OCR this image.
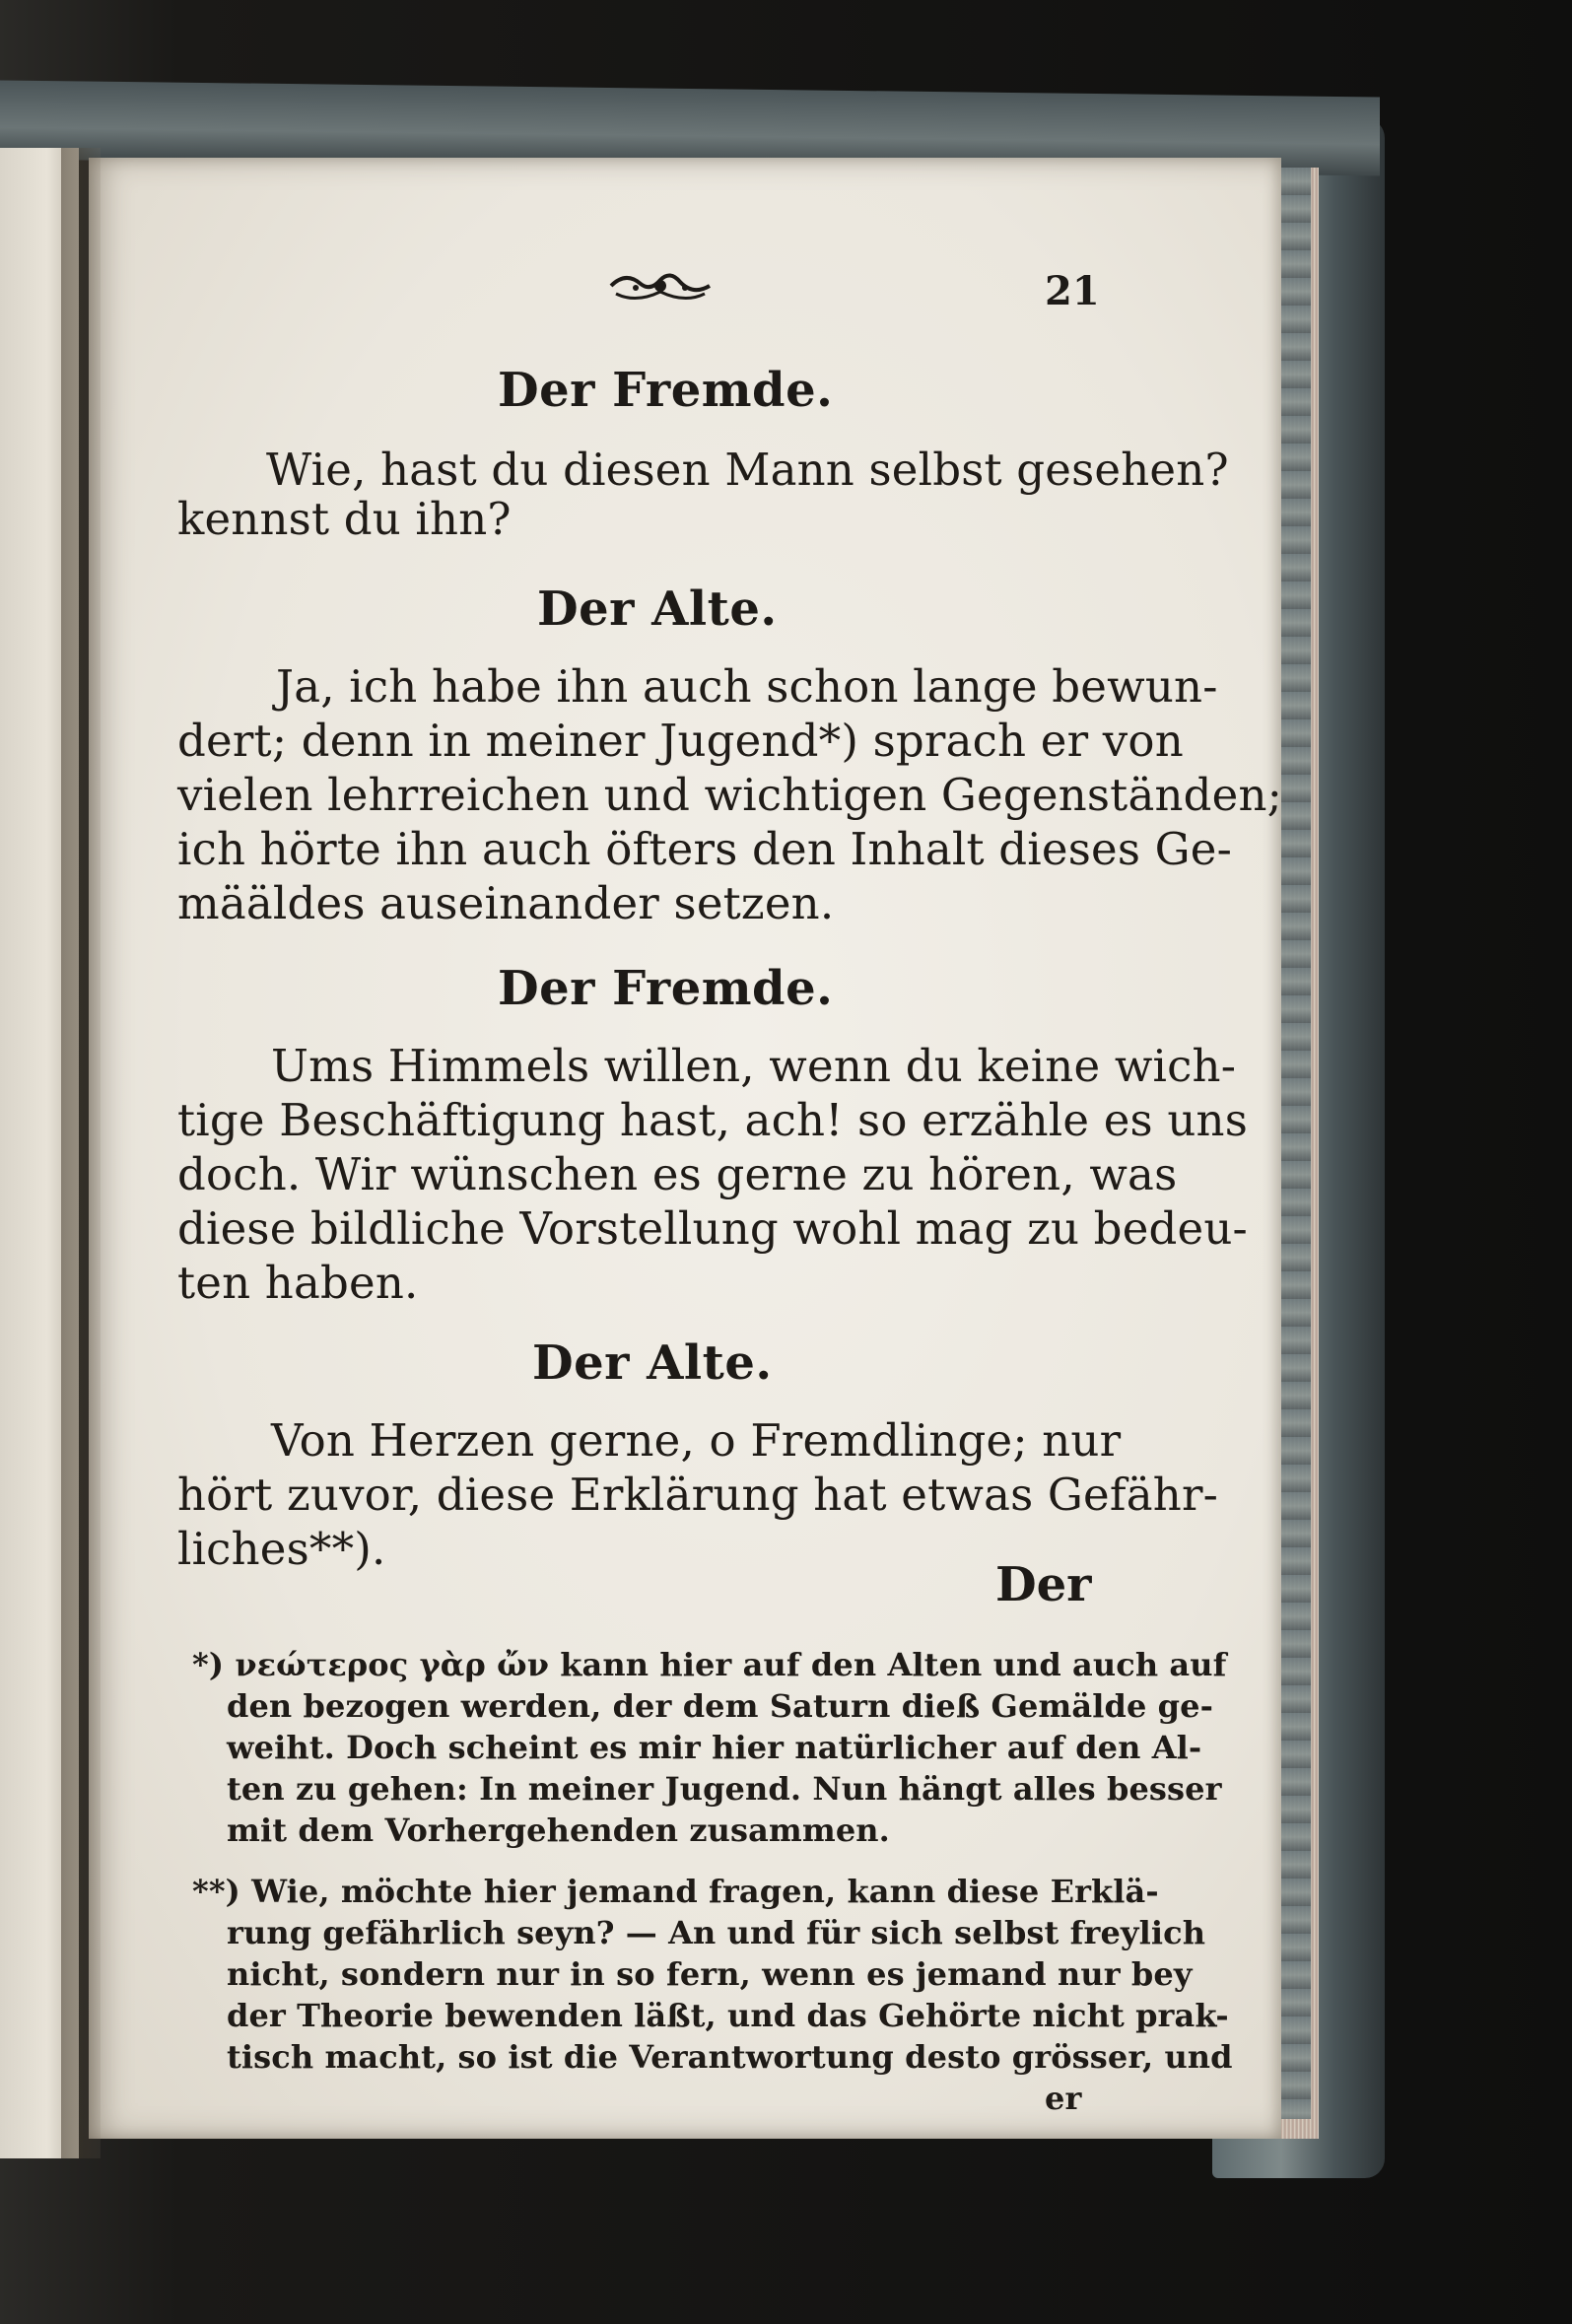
21
Der Fremde.
Wie, hast du diesen Mann selbst gesehen?
kennst du ihn?
Der Alte.
Ja, ich habe ihn auch schon lange bewun-
dert; denn in meiner Jugend*) sprach er von
vielen lehrreichen und wichtigen Gegenständen;
ich hörte ihn auch öfters den Inhalt dieses Ge-
määldes auseinander setzen.
Der Fremde.
Ums Himmels willen, wenn du keine wich-
tige Beschäftigung hast, ach! so erzähle es uns
doch. Wir wünschen es gerne zu hören, was
diese bildliche Vorstellung wohl mag zu bedeu-
ten haben.
Der Alte.
Von Herzen gerne, o Fremdlinge; nur
hört zuvor, diese Erklärung hat etwas Gefähr-
liches**).
Der
*) νεώτερος γὰρ ὤν kann hier auf den Alten und auch auf
den bezogen werden, der dem Saturn dieß Gemälde ge-
weiht. Doch scheint es mir hier natürlicher auf den Al-
ten zu gehen: In meiner Jugend. Nun hängt alles besser
mit dem Vorhergehenden zusammen.
**) Wie, möchte hier jemand fragen, kann diese Erklä-
rung gefährlich seyn? — An und für sich selbst freylich
nicht, sondern nur in so fern, wenn es jemand nur bey
der Theorie bewenden läßt, und das Gehörte nicht prak-
tisch macht, so ist die Verantwortung desto grösser, und
er
